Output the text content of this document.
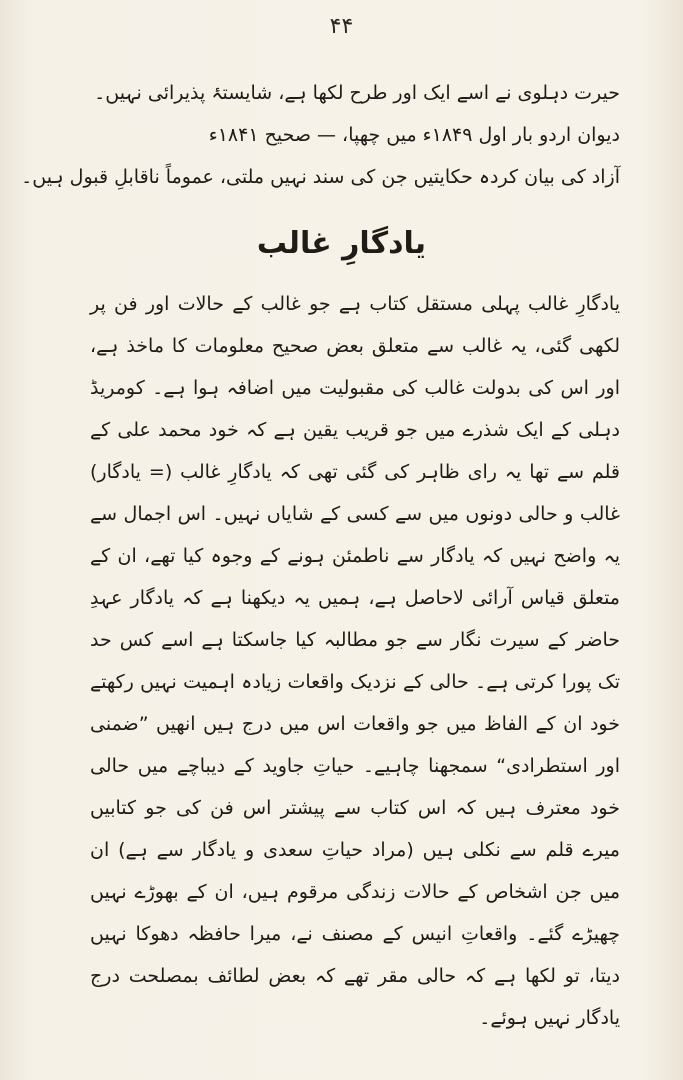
۴۴
حیرت دہلوی نے اسے ایک اور طرح لکھا ہے، شایستۂ پذیرائی نہیں۔
دیوان اردو بار اول ۱۸۴۹ء میں چھپا، — صحیح ۱۸۴۱ء
آزاد کی بیان کردہ حکایتیں جن کی سند نہیں ملتی، عموماً ناقابلِ قبول ہیں۔
یادگارِ غالب

یادگارِ غالب پہلی مستقل کتاب ہے جو غالب کے حالات اور فن پر لکھی گئی، یہ غالب سے متعلق بعض صحیح معلومات کا ماخذ ہے، اور اس کی بدولت غالب کی مقبولیت میں اضافہ ہوا ہے۔ کومریڈ دہلی کے ایک شذرے میں جو قریب یقین ہے کہ خود محمد علی کے قلم سے تھا یہ رای ظاہر کی گئی تھی کہ یادگارِ غالب (= یادگار) غالب و حالی دونوں میں سے کسی کے شایاں نہیں۔ اس اجمال سے یہ واضح نہیں کہ یادگار سے ناطمئن ہونے کے وجوہ کیا تھے، ان کے متعلق قیاس آرائی لاحاصل ہے، ہمیں یہ دیکھنا ہے کہ یادگار عہدِ حاضر کے سیرت نگار سے جو مطالبہ کیا جاسکتا ہے اسے کس حد تک پورا کرتی ہے۔ حالی کے نزدیک واقعات زیادہ اہمیت نہیں رکھتے خود ان کے الفاظ میں جو واقعات اس میں درج ہیں انھیں ”ضمنی اور استطرادی“ سمجھنا چاہیے۔ حیاتِ جاوید کے دیباچے میں حالی خود معترف ہیں کہ اس کتاب سے پیشتر اس فن کی جو کتابیں میرے قلم سے نکلی ہیں (مراد حیاتِ سعدی و یادگار سے ہے) ان میں جن اشخاص کے حالات زندگی مرقوم ہیں، ان کے بھوڑے نہیں چھیڑے گئے۔ واقعاتِ انیس کے مصنف نے، میرا حافظہ دھوکا نہیں دیتا، تو لکھا ہے کہ حالی مقر تھے کہ بعض لطائف بمصلحت درج یادگار نہیں ہوئے۔
